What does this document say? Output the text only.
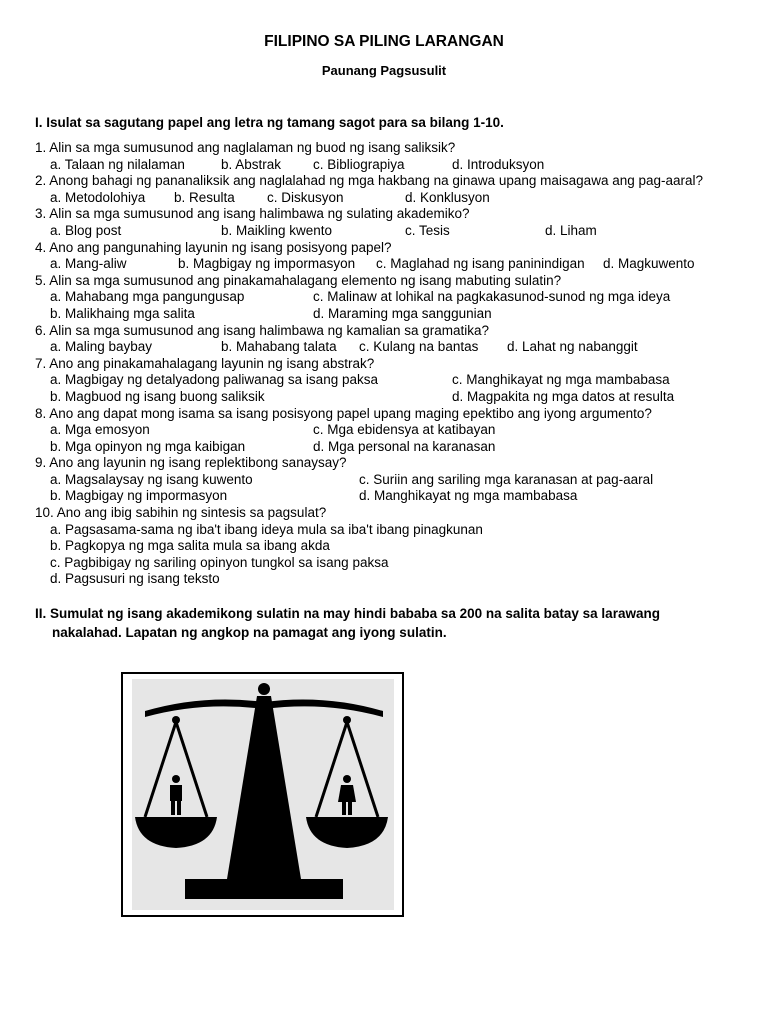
FILIPINO SA PILING LARANGAN
Paunang Pagsusulit
I. Isulat sa sagutang papel ang letra ng tamang sagot para sa bilang 1-10.
1. Alin sa mga sumusunod ang naglalaman ng buod ng isang saliksik?
a. Talaan ng nilalaman	b. Abstrak c. Bibliograpiya	d. Introduksyon
2. Anong bahagi ng pananaliksik ang naglalahad ng mga hakbang na ginawa upang maisagawa ang pag-aaral?
a. Metodolohiya b. Resulta c. Diskusyon	d. Konklusyon
3. Alin sa mga sumusunod ang isang halimbawa ng sulating akademiko?
a. Blog post	b. Maikling kwento	c. Tesis	d. Liham
4. Ano ang pangunahing layunin ng isang posisyong papel?
a. Mang-aliw	b. Magbigay ng impormasyon c. Maglahad ng isang paninindigan d. Magkuwento
5. Alin sa mga sumusunod ang pinakamahalagang elemento ng isang mabuting sulatin?
a. Mahabang mga pangungusap	c. Malinaw at lohikal na pagkakasunod-sunod ng mga ideya
b. Malikhaing mga salita	d. Maraming mga sanggunian
6. Alin sa mga sumusunod ang isang halimbawa ng kamalian sa gramatika?
a. Maling baybay	b. Mahabang talata c. Kulang na bantas d. Lahat ng nabanggit
7. Ano ang pinakamahalagang layunin ng isang abstrak?
a. Magbigay ng detalyadong paliwanag sa isang paksa	c. Manghikayat ng mga mambabasa
b. Magbuod ng isang buong saliksik	d. Magpakita ng mga datos at resulta
8. Ano ang dapat mong isama sa isang posisyong papel upang maging epektibo ang iyong argumento?
a. Mga emosyon	c. Mga ebidensya at katibayan
b. Mga opinyon ng mga kaibigan	d. Mga personal na karanasan
9. Ano ang layunin ng isang replektibong sanaysay?
a. Magsalaysay ng isang kuwento	c. Suriin ang sariling mga karanasan at pag-aaral
b. Magbigay ng impormasyon	d. Manghikayat ng mga mambabasa
10. Ano ang ibig sabihin ng sintesis sa pagsulat?
a. Pagsasama-sama ng iba't ibang ideya mula sa iba't ibang pinagkunan
b. Pagkopya ng mga salita mula sa ibang akda
c. Pagbibigay ng sariling opinyon tungkol sa isang paksa
d. Pagsusuri ng isang teksto
II. Sumulat ng isang akademikong sulatin na may hindi bababa sa 200 na salita batay sa larawang
nakalahad. Lapatan ng angkop na pamagat ang iyong sulatin.
